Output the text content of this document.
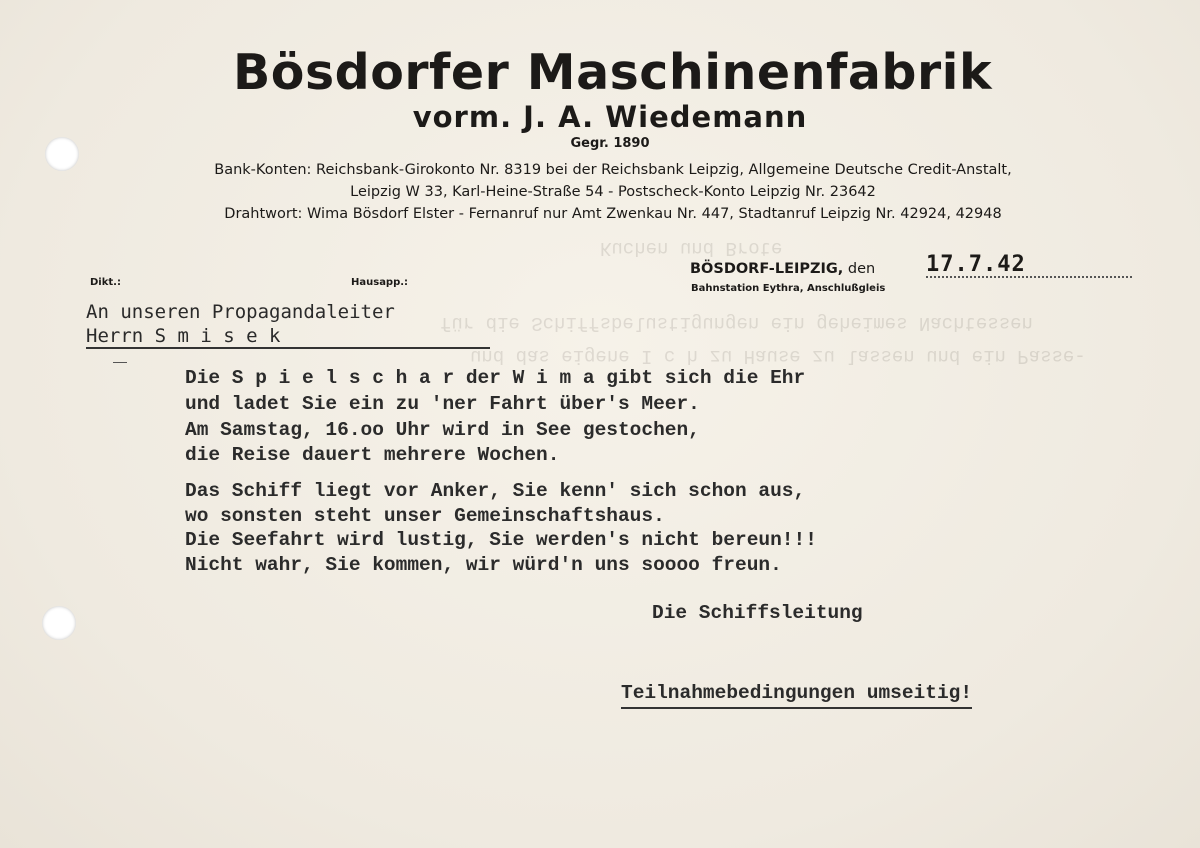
Kuchen und Brote
für die Schiffsbelustigungen ein geheimes Nachtessen
und das eigene I c h zu Hause zu lassen und ein Passe-
Bösdorfer Maschinenfabrik
vorm. J. A. Wiedemann
Gegr. 1890
Bank-Konten: Reichsbank-Girokonto Nr. 8319 bei der Reichsbank Leipzig, Allgemeine Deutsche Credit-Anstalt,
Leipzig W 33, Karl-Heine-Straße 54 - Postscheck-Konto Leipzig Nr. 23642
Drahtwort: Wima Bösdorf Elster - Fernanruf nur Amt Zwenkau Nr. 447, Stadtanruf Leipzig Nr. 42924, 42948
Dikt.:	Hausapp.:
BÖSDORF-LEIPZIG, den
Bahnstation Eythra, Anschlußgleis
17.7.42
An unseren Propagandaleiter
Herrn S m i s e k
Die S p i e l s c h a r der W i m a gibt sich die Ehr
und ladet Sie ein zu 'ner Fahrt über's Meer.
Am Samstag, 16.oo Uhr wird in See gestochen,
die Reise dauert mehrere Wochen.
Das Schiff liegt vor Anker, Sie kenn' sich schon aus,
wo sonsten steht unser Gemeinschaftshaus.
Die Seefahrt wird lustig, Sie werden's nicht bereun!!!
Nicht wahr, Sie kommen, wir würd'n uns soooo freun.
Die Schiffsleitung
Teilnahmebedingungen umseitig!
